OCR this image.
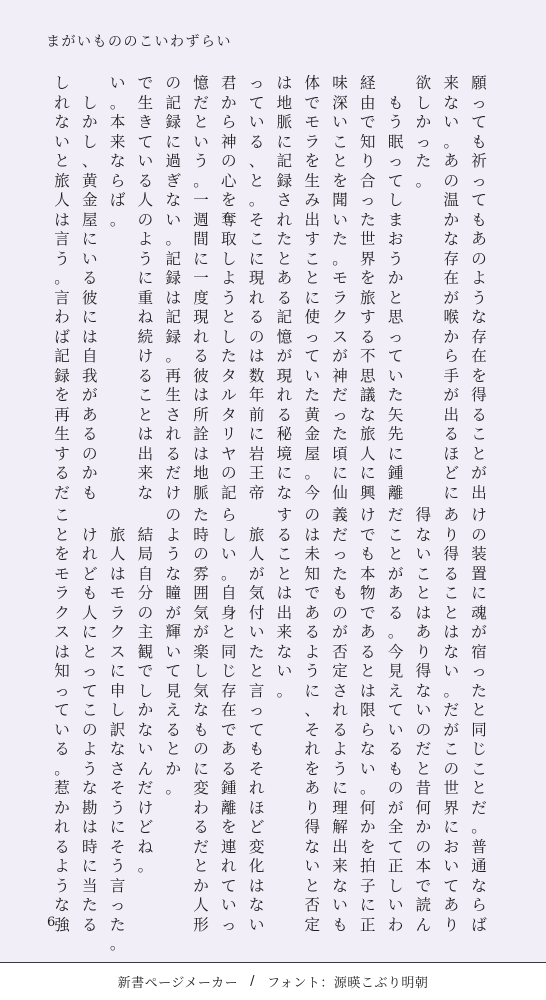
まがいもののこいわずらい
願
っ
て
も
祈
っ
て
も
あ
の
よ
う
な
存
在
を
得
る
こ
と
が
出
来
な
い
。
あ
の
温
か
な
存
在
が
喉
か
ら
手
が
出
る
ほ
ど
に
欲
し
か
っ
た
。

も
う
眠
っ
て
し
ま
お
う
か
と
思
っ
て
い
た
矢
先
に
鍾
離
経
由
で
知
り
合
っ
た
世
界
を
旅
す
る
不
思
議
な
旅
人
に
興
味
深
い
こ
と
を
聞
い
た
。
モ
ラ
ク
ス
が
神
だ
っ
た
頃
に
仙
体
で
モ
ラ
を
生
み
出
す
こ
と
に
使
っ
て
い
た
黄
金
屋
。
今
は
地
脈
に
記
録
さ
れ
た
と
あ
る
記
憶
が
現
れ
る
秘
境
に
な
っ
て
い
る
、
と
。
そ
こ
に
現
れ
る
の
は
数
年
前
に
岩
王
帝
君
か
ら
神
の
心
を
奪
取
し
よ
う
と
し
た
タ
ル
タ
リ
ヤ
の
記
憶
だ
と
い
う
。
一
週
間
に
一
度
現
れ
る
彼
は
所
詮
は
地
脈
の
記
録
に
過
ぎ
な
い
。
記
録
は
記
録
。
再
生
さ
れ
る
だ
け
で
生
き
て
い
る
人
の
よ
う
に
重
ね
続
け
る
こ
と
は
出
来
な
い
。
本
来
な
ら
ば
。

し
か
し
、
黄
金
屋
に
い
る
彼
に
は
自
我
が
あ
る
の
か
も
し
れ
な
い
と
旅
人
は
言
う
。
言
わ
ば
記
録
を
再
生
す
る
だ
け
の
装
置
に
魂
が
宿
っ
た
と
同
じ
こ
と
だ
。
普
通
な
ら
ば
あ
り
得
る
こ
と
は
な
い
。
だ
が
こ
の
世
界
に
お
い
て
あ
り
得
な
い
こ
と
は
あ
り
得
な
い
の
だ
と
昔
何
か
の
本
で
読
ん
だ
こ
と
が
あ
る
。
今
見
え
て
い
る
も
の
が
全
て
正
し
い
わ
け
で
も
本
物
で
あ
る
と
は
限
ら
な
い
。
何
か
を
拍
子
に
正
義
だ
っ
た
も
の
が
否
定
さ
れ
る
よ
う
に
理
解
出
来
な
い
も
の
は
未
知
で
あ
る
よ
う
に
、
そ
れ
を
あ
り
得
な
い
と
否
定
す
る
こ
と
は
出
来
な
い
。

旅
人
が
気
付
い
た
と
言
っ
て
も
そ
れ
ほ
ど
変
化
は
な
い
ら
し
い
。
自
身
と
同
じ
存
在
で
あ
る
鍾
離
を
連
れ
て
い
っ
た
時
の
雰
囲
気
が
楽
し
気
な
も
の
に
変
わ
る
だ
と
か
人
形
の
よ
う
な
瞳
が
輝
い
て
見
え
る
と
か
。

結
局
自
分
の
主
観
で
し
か
な
い
ん
だ
け
ど
ね
。

旅
人
は
モ
ラ
ク
ス
に
申
し
訳
な
さ
そ
う
に
そ
う
言
っ
た
。

け
れ
ど
も
人
に
と
っ
て
こ
の
よ
う
な
勘
は
時
に
当
た
る
こ
と
を
モ
ラ
ク
ス
は
知
っ
て
い
る
。
惹
か
れ
る
よ
う
な
強
6
新書ページメーカー / フォント：源暎こぶり明朝
